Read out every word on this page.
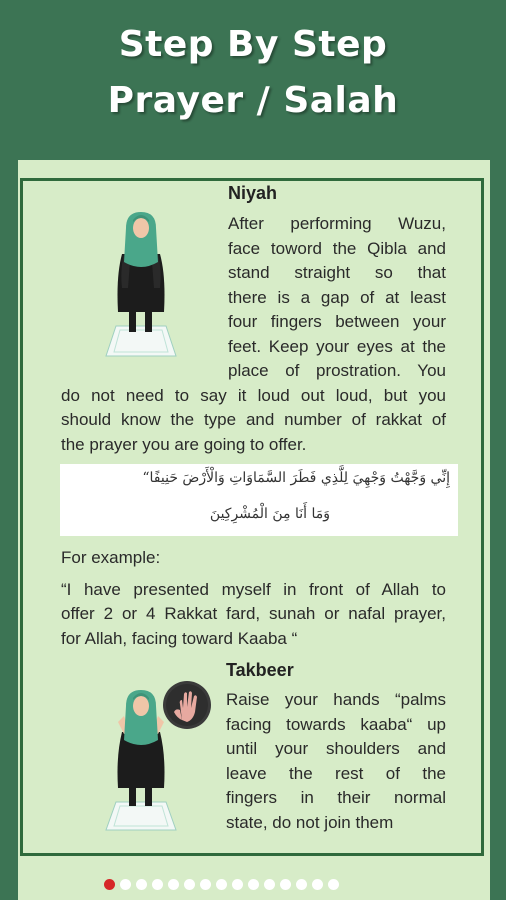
Step By Step
Prayer / Salah
Niyah
After performing Wuzu,
face toword the Qibla and
stand straight so that
there is a gap of at least
four fingers between your
feet. Keep your eyes at the
place of prostration. You
do not need to say it loud out loud, but you
should know the type and number of rakkat of
the prayer you are going to offer.
إِنِّي وَجَّهْتُ وَجْهِيَ لِلَّذِي فَطَرَ السَّمَاوَاتِ وَالْأَرْضَ حَنِيفًا“
وَمَا أَنَا مِنَ الْمُشْرِكِينَ
For example:
“I have presented myself in front of Allah to
offer 2 or 4 Rakkat fard, sunah or nafal prayer,
for Allah, facing toward Kaaba “
Takbeer
Raise your hands “palms
facing towards kaaba“ up
until your shoulders and
leave the rest of the
fingers in their normal
state, do not join them
